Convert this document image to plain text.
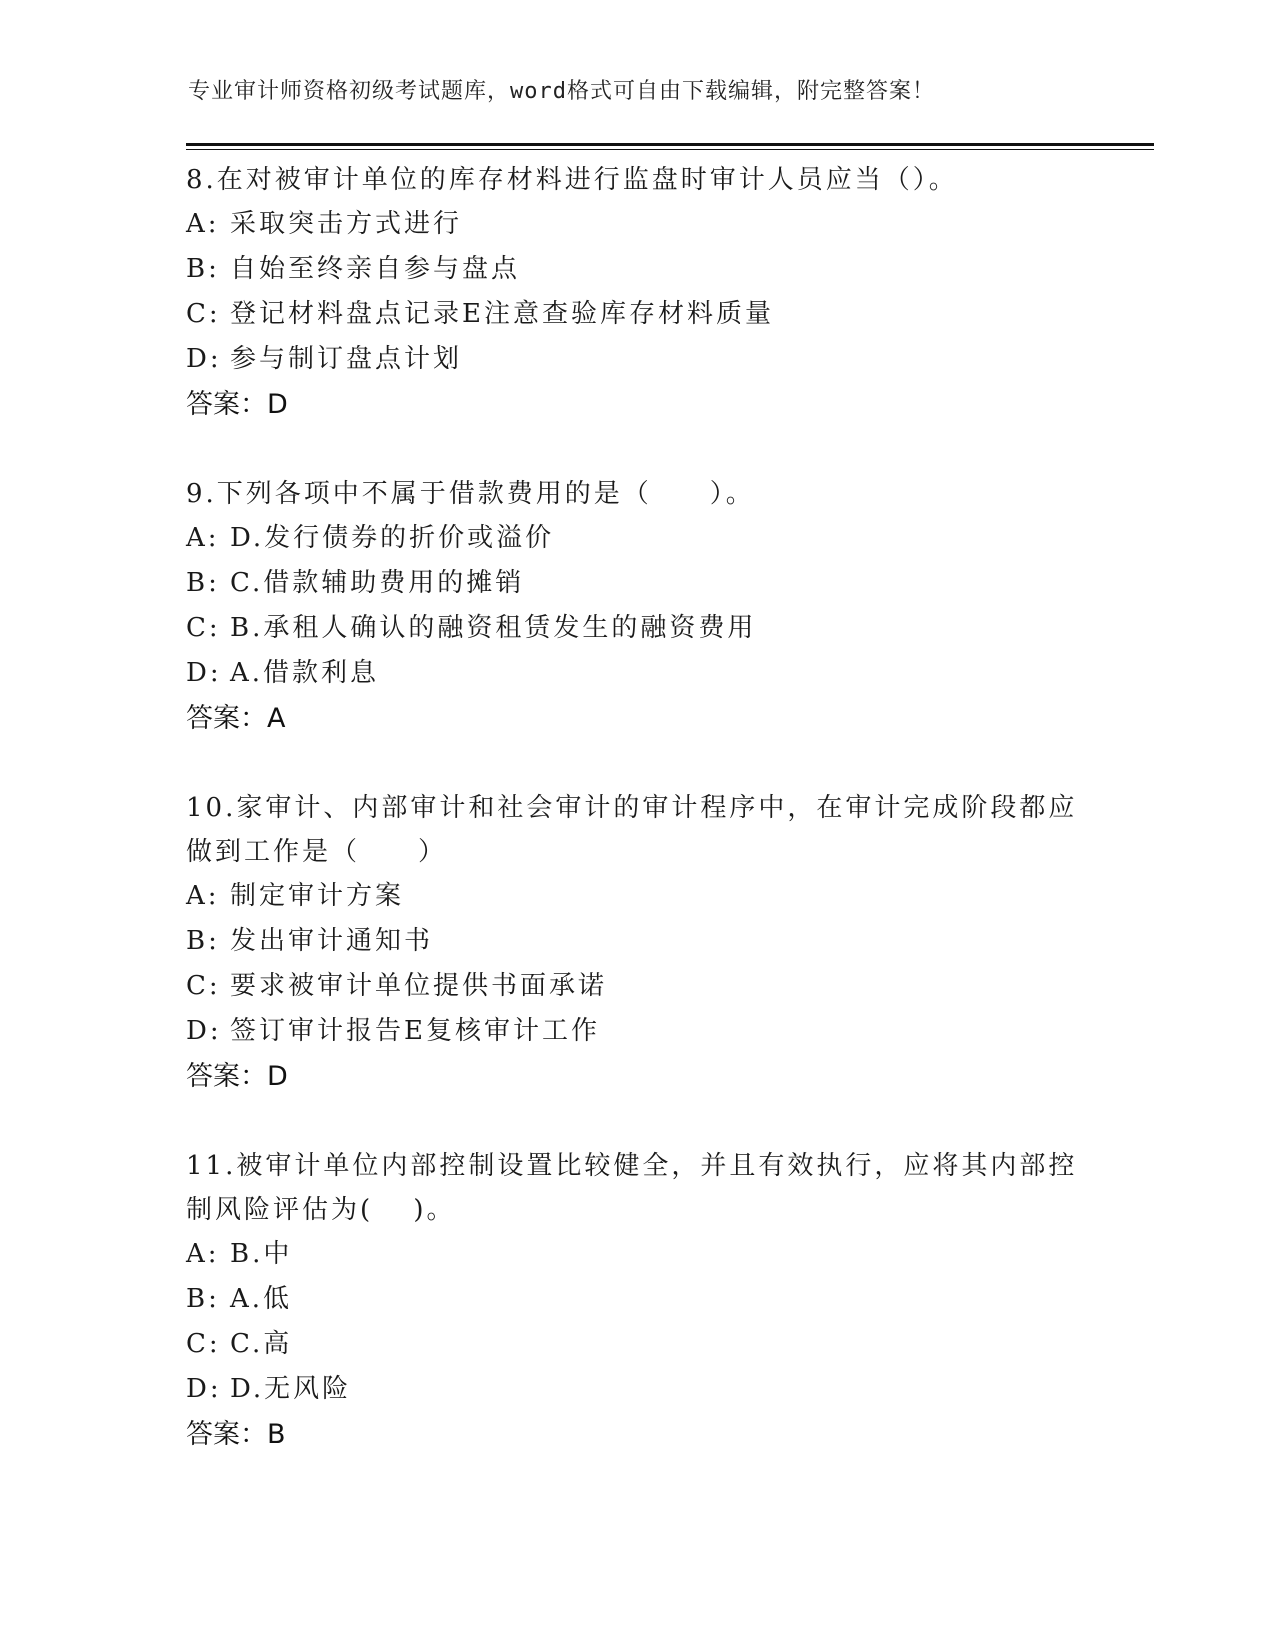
专业审计师资格初级考试题库，word格式可自由下载编辑，附完整答案！
8.在对被审计单位的库存材料进行监盘时审计人员应当（）。
A: 采取突击方式进行
B: 自始至终亲自参与盘点
C: 登记材料盘点记录E注意查验库存材料质量
D: 参与制订盘点计划
答案：D
9.下列各项中不属于借款费用的是（　　）。
A: D.发行债券的折价或溢价
B: C.借款辅助费用的摊销
C: B.承租人确认的融资租赁发生的融资费用
D: A.借款利息
答案：A
10.家审计、内部审计和社会审计的审计程序中，在审计完成阶段都应做到工作是（　　）
A: 制定审计方案
B: 发出审计通知书
C: 要求被审计单位提供书面承诺
D: 签订审计报告E复核审计工作
答案：D
11.被审计单位内部控制设置比较健全，并且有效执行，应将其内部控制风险评估为(　 )。
A: B.中
B: A.低
C: C.高
D: D.无风险
答案：B
